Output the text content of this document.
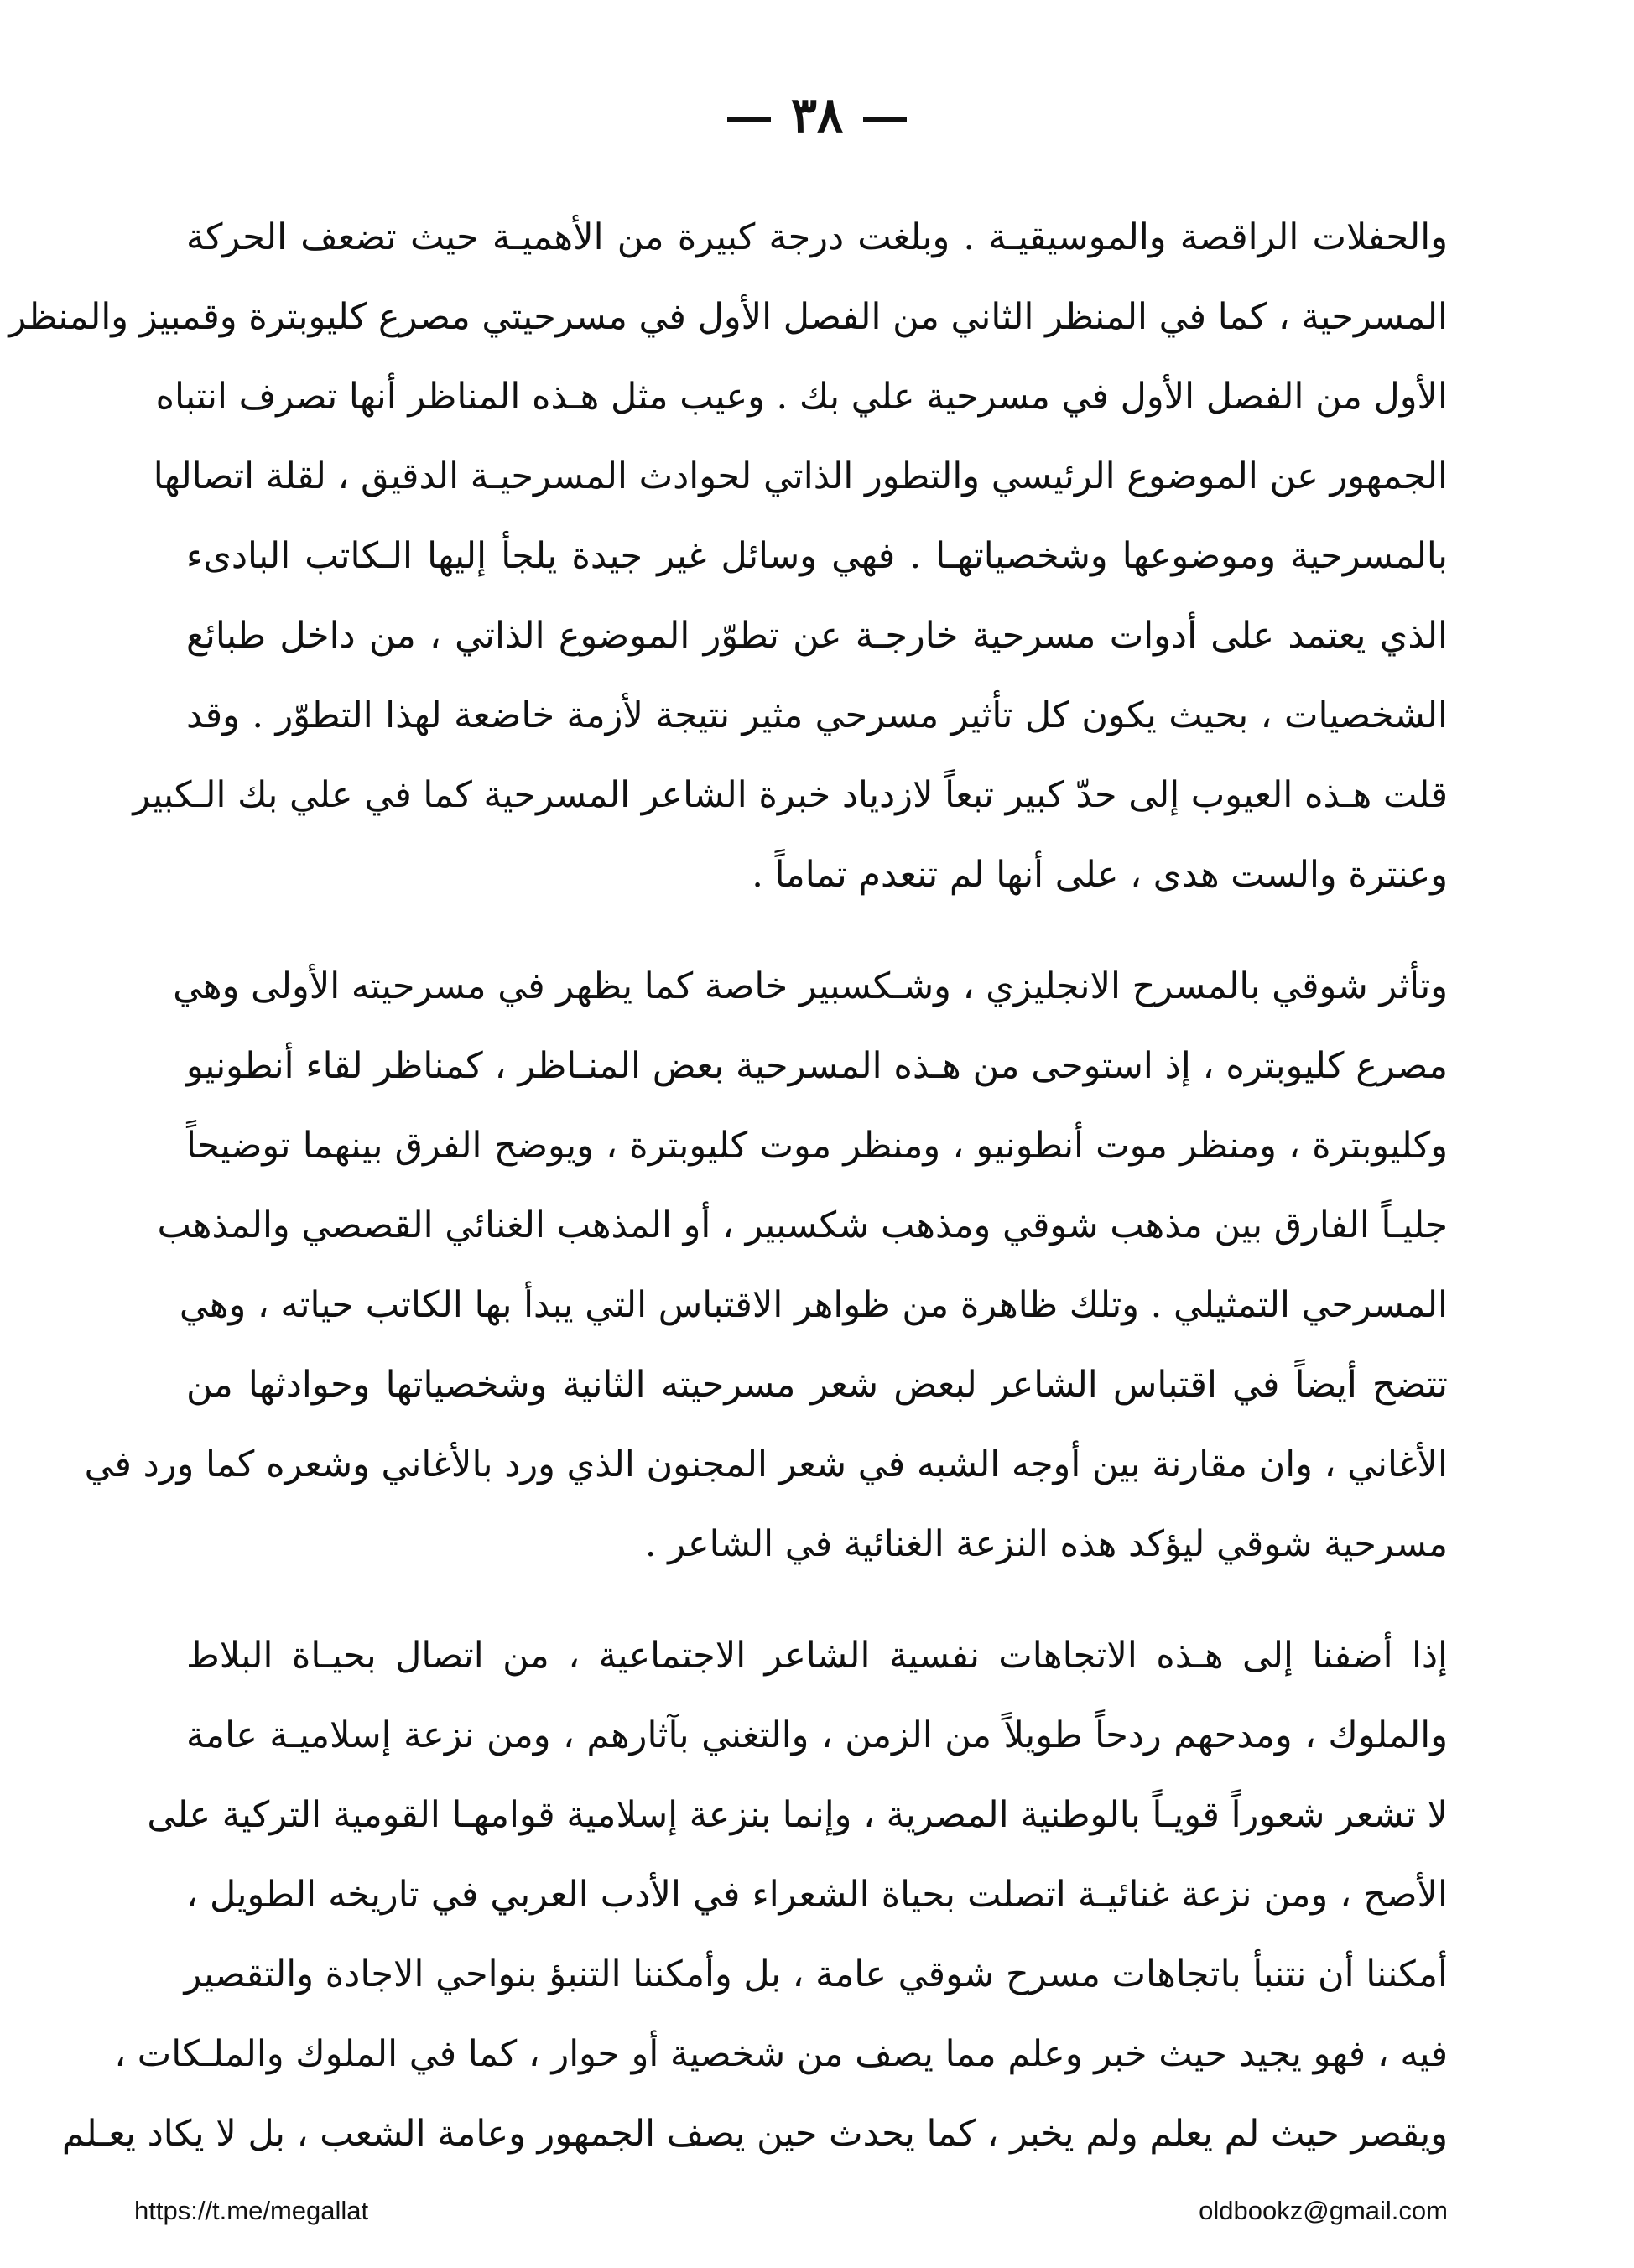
٣٨
والحفلات الراقصة والموسيقيـة . وبلغت درجة كبيرة من الأهميـة حيث تضعف الحركة
المسرحية ، كما في المنظر الثاني من الفصل الأول في مسرحيتي مصرع كليوبترة وقمبيز والمنظر
الأول من الفصل الأول في مسرحية علي بك . وعيب مثل هـذه المناظر أنها تصرف انتباه
الجمهور عن الموضوع الرئيسي والتطور الذاتي لحوادث المسرحيـة الدقيق ، لقلة اتصالها
بالمسرحية وموضوعها وشخصياتهـا . فهي وسائل غير جيدة يلجأ إليها الـكاتب البادىء
الذي يعتمد على أدوات مسرحية خارجـة عن تطوّر الموضوع الذاتي ، من داخل طبائع
الشخصيات ، بحيث يكون كل تأثير مسرحي مثير نتيجة لأزمة خاضعة لهذا التطوّر . وقد
قلت هـذه العيوب إلى حدّ كبير تبعاً لازدياد خبرة الشاعر المسرحية كما في علي بك الـكبير
وعنترة والست هدى ، على أنها لم تنعدم تماماً .
وتأثر شوقي بالمسرح الانجليزي ، وشـكسبير خاصة كما يظهر في مسرحيته الأولى وهي
مصرع كليوبتره ، إذ استوحى من هـذه المسرحية بعض المنـاظر ، كمناظر لقاء أنطونيو
وكليوبترة ، ومنظر موت أنطونيو ، ومنظر موت كليوبترة ، ويوضح الفرق بينهما توضيحاً
جليـاً الفارق بين مذهب شوقي ومذهب شكسبير ، أو المذهب الغنائي القصصي والمذهب
المسرحي التمثيلي . وتلك ظاهرة من ظواهر الاقتباس التي يبدأ بها الكاتب حياته ، وهي
تتضح أيضاً في اقتباس الشاعر لبعض شعر مسرحيته الثانية وشخصياتها وحوادثها من
الأغاني ، وان مقارنة بين أوجه الشبه في شعر المجنون الذي ورد بالأغاني وشعره كما ورد في
مسرحية شوقي ليؤكد هذه النزعة الغنائية في الشاعر .
إذا أضفنا إلى هـذه الاتجاهات نفسية الشاعر الاجتماعية ، من اتصال بحيـاة البلاط
والملوك ، ومدحهم ردحاً طويلاً من الزمن ، والتغني بآثارهم ، ومن نزعة إسلاميـة عامة
لا تشعر شعوراً قويـاً بالوطنية المصرية ، وإنما بنزعة إسلامية قوامهـا القومية التركية على
الأصح ، ومن نزعة غنائيـة اتصلت بحياة الشعراء في الأدب العربي في تاريخه الطويل ،
أمكننا أن نتنبأ باتجاهات مسرح شوقي عامة ، بل وأمكننا التنبؤ بنواحي الاجادة والتقصير
فيه ، فهو يجيد حيث خبر وعلم مما يصف من شخصية أو حوار ، كما في الملوك والملـكات ،
ويقصر حيث لم يعلم ولم يخبر ، كما يحدث حين يصف الجمهور وعامة الشعب ، بل لا يكاد يعـلم
https://t.me/megallat	oldbookz@gmail.com
